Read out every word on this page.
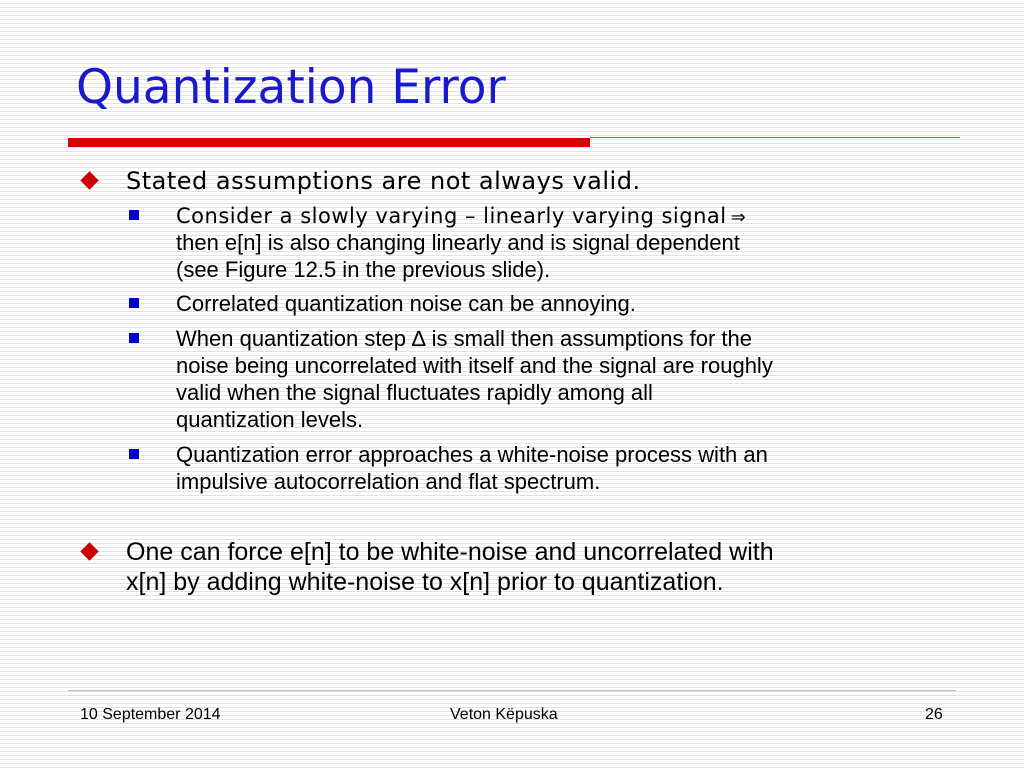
Quantization Error
Stated assumptions are not always valid.
Consider a slowly varying – linearly varying signal ⇒
then e[n] is also changing linearly and is signal dependent
(see Figure 12.5 in the previous slide).
Correlated quantization noise can be annoying.
When quantization step ∆ is small then assumptions for the
noise being uncorrelated with itself and the signal are roughly
valid when the signal fluctuates rapidly among all
quantization levels.
Quantization error approaches a white-noise process with an
impulsive autocorrelation and flat spectrum.
One can force e[n] to be white-noise and uncorrelated with
x[n] by adding white-noise to x[n] prior to quantization.
10 September 2014	Veton Këpuska	26
